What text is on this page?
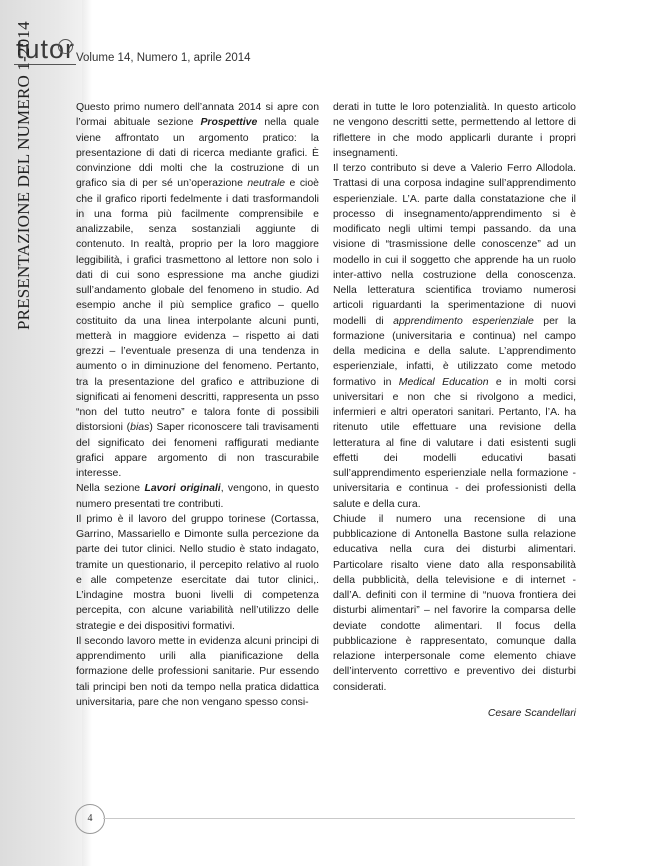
tutor Volume 14, Numero 1, aprile 2014
PRESENTAZIONE DEL NUMERO 1-2014	Questo primo numero dell’annata 2014 si apre con l’ormai abituale sezione Prospettive nella quale viene affrontato un argomento pratico: la presentazione di dati di ricerca mediante grafici. È convinzione ddi molti che la costruzione di un grafico sia di per sé un’operazione neutrale e cioè che il grafico riporti fedelmente i dati trasformandoli in una forma più facilmente comprensibile e analizzabile, senza sostanziali aggiunte di contenuto. In realtà, proprio per la loro maggiore leggibilità, i grafici trasmettono al lettore non solo i dati di cui sono espressione ma anche giudizi sull’andamento globale del fenomeno in studio. Ad esempio anche il più semplice grafico – quello costituito da una linea interpolante alcuni punti, metterà in maggiore evidenza – rispetto ai dati grezzi – l’eventuale presenza di una tendenza in aumento o in diminuzione del fenomeno. Pertanto, tra la presentazione del grafico e attribuzione di significati ai fenomeni descritti, rappresenta un psso “non del tutto neutro” e talora fonte di possibili distorsioni (bias) Saper riconoscere tali travisamenti del significato dei fenomeni raffigurati mediante grafici appare argomento di non trascurabile interesse.

Nella sezione Lavori originali, vengono, in questo numero presentati tre contributi.

Il primo è il lavoro del gruppo torinese (Cortassa, Garrino, Massariello e Dimonte sulla percezione da parte dei tutor clinici. Nello studio è stato indagato, tramite un questionario, il percepito relativo al ruolo e alle competenze esercitate dai tutor clinici,. L’indagine mostra buoni livelli di competenza percepita, con alcune variabilità nell’utilizzo delle strategie e dei dispositivi formativi.

Il secondo lavoro mette in evidenza alcuni principi di apprendimento urili alla pianificazione della formazione delle professioni sanitarie. Pur essendo tali principi ben noti da tempo nella pratica didattica universitaria, pare che non vengano spesso consi-

derati in tutte le loro potenzialità. In questo articolo ne vengono descritti sette, permettendo al lettore di riflettere in che modo applicarli durante i propri insegnamenti.

Il terzo contributo si deve a Valerio Ferro Allodola. Trattasi di una corposa indagine sull’apprendimento esperienziale. L’A. parte dalla constatazione che il processo di insegnamento/apprendimento si è modificato negli ultimi tempi passando. da una visione di “trasmissione delle conoscenze” ad un modello in cui il soggetto che apprende ha un ruolo inter-attivo nella costruzione della conoscenza. Nella letteratura scientifica troviamo numerosi articoli riguardanti la sperimentazione di nuovi modelli di apprendimento esperienziale per la formazione (universitaria e continua) nel campo della medicina e della salute. L’apprendimento esperienziale, infatti, è utilizzato come metodo formativo in Medical Education e in molti corsi universitari e non che si rivolgono a medici, infermieri e altri operatori sanitari. Pertanto, l’A. ha ritenuto utile effettuare una revisione della letteratura al fine di valutare i dati esistenti sugli effetti dei modelli educativi basati sull’apprendimento esperienziale nella formazione - universitaria e continua - dei professionisti della salute e della cura.

Chiude il numero una recensione di una pubblicazione di Antonella Bastone sulla relazione educativa nella cura dei disturbi alimentari. Particolare risalto viene dato alla responsabilità della pubblicità, della televisione e di internet - dall’A. definiti con il termine di “nuova frontiera dei disturbi alimentari” – nel favorire la comparsa delle deviate condotte alimentari. Il focus della pubblicazione è rappresentato, comunque dalla relazione interpersonale come elemento chiave dell’intervento correttivo e preventivo dei disturbi considerati.

Cesare Scandellari

4
